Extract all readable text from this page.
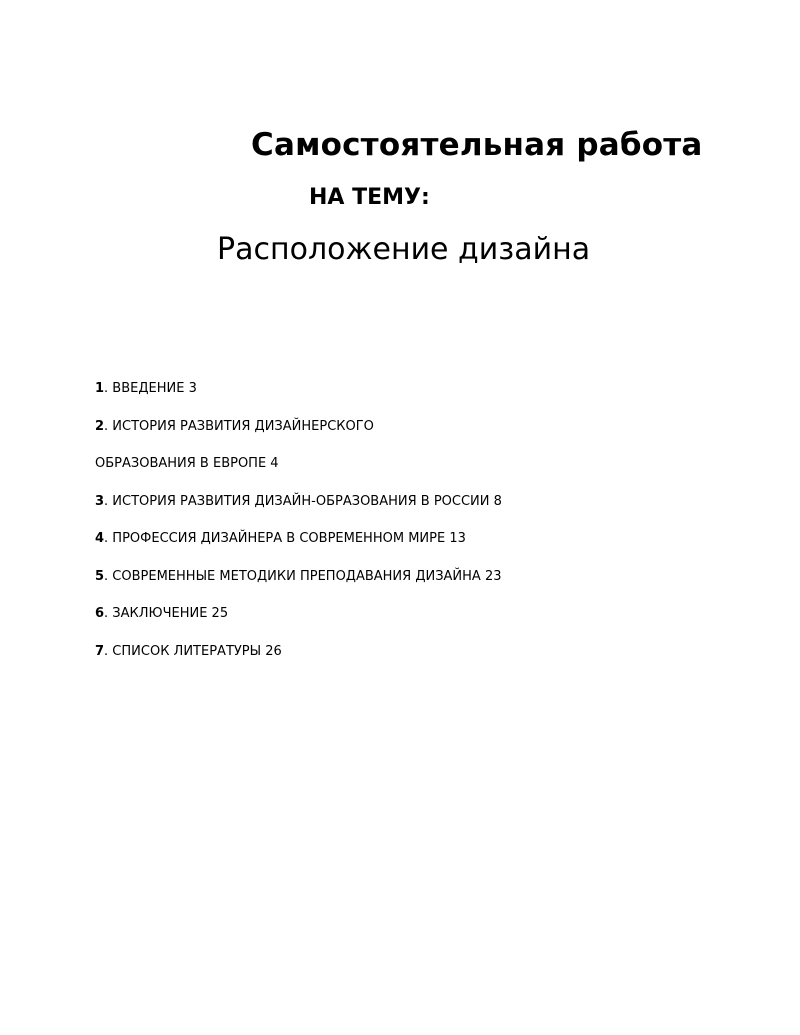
Самостоятельная работа
НА ТЕМУ:
Расположение дизайна
1. ВВЕДЕНИЕ 3
2. ИСТОРИЯ РАЗВИТИЯ ДИЗАЙНЕРСКОГО
ОБРАЗОВАНИЯ В ЕВРОПЕ 4
3. ИСТОРИЯ РАЗВИТИЯ ДИЗАЙН-ОБРАЗОВАНИЯ В РОССИИ 8
4. ПРОФЕССИЯ ДИЗАЙНЕРА В СОВРЕМЕННОМ МИРЕ 13
5. СОВРЕМЕННЫЕ МЕТОДИКИ ПРЕПОДАВАНИЯ ДИЗАЙНА 23
6. ЗАКЛЮЧЕНИЕ 25
7. СПИСОК ЛИТЕРАТУРЫ 26
